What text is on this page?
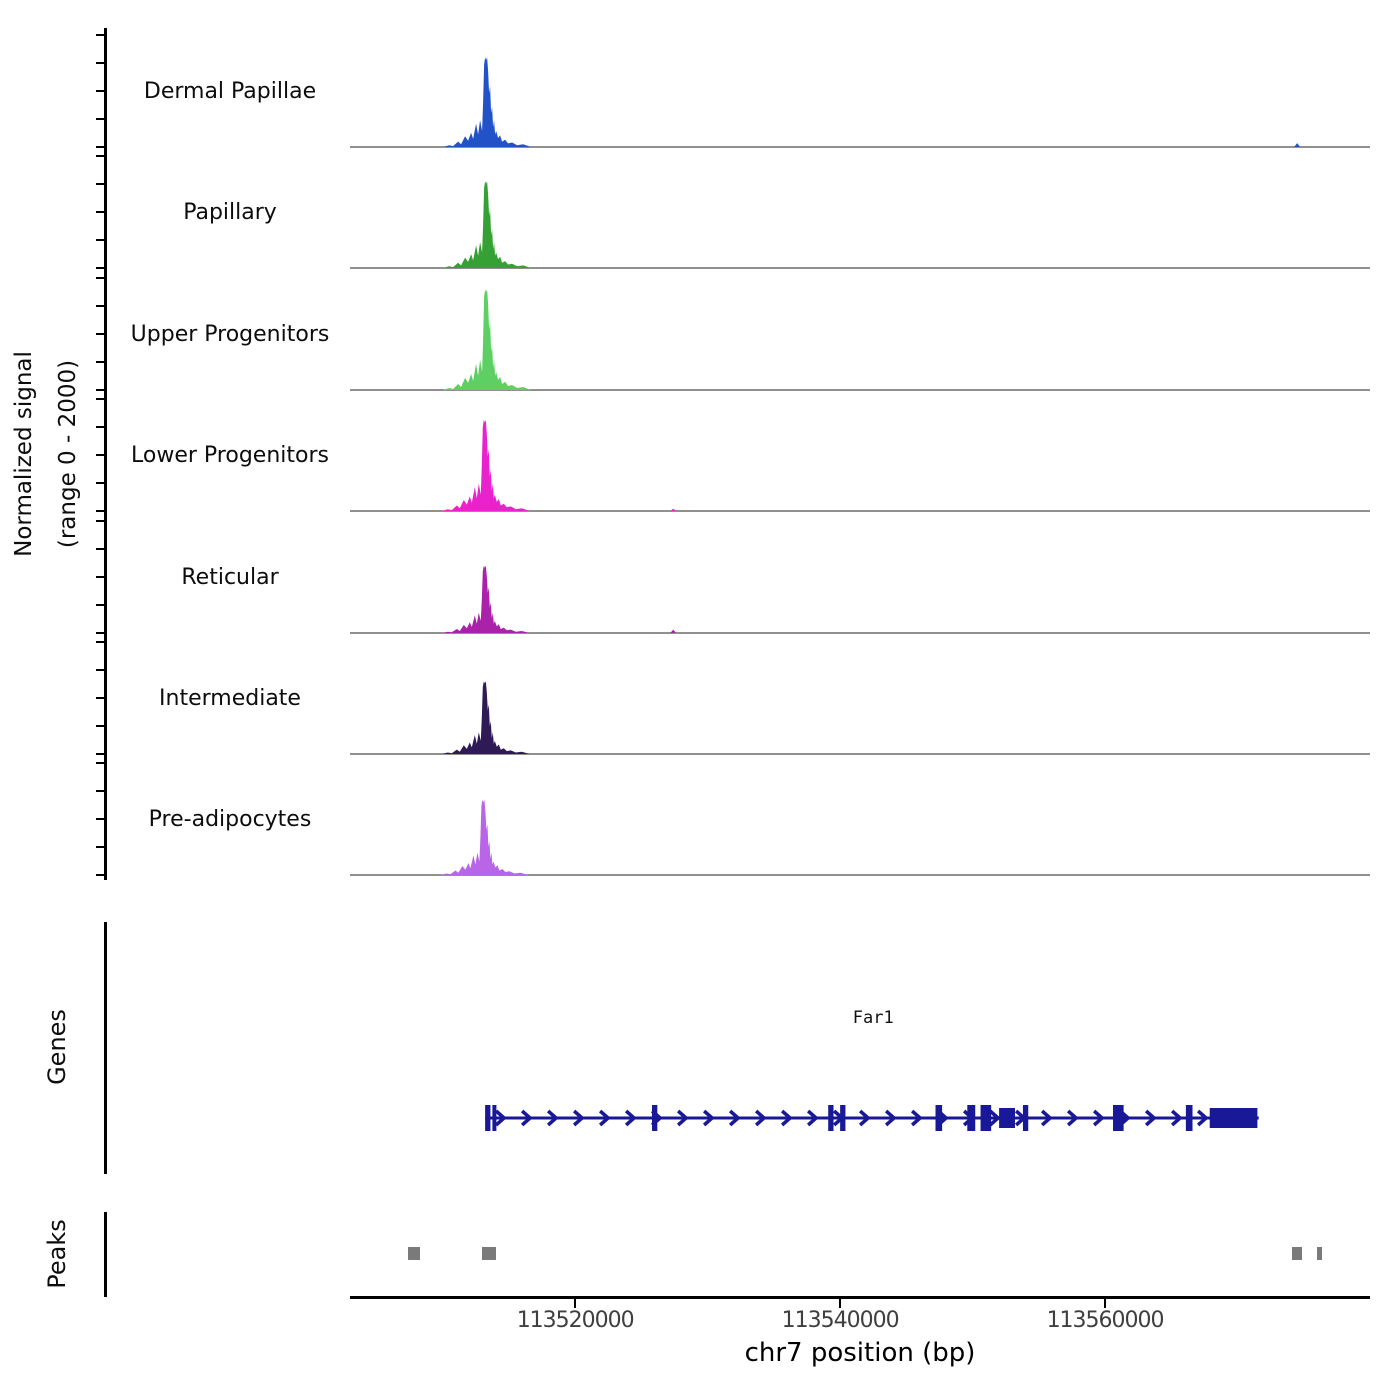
Normalized signal (range 0 - 2000)
Dermal Papillae
Papillary
Upper Progenitors
Lower Progenitors
Reticular
Intermediate
Pre-adipocytes
Genes	Far1
Peaks
113520000	113540000	113560000
chr7 position (bp)
